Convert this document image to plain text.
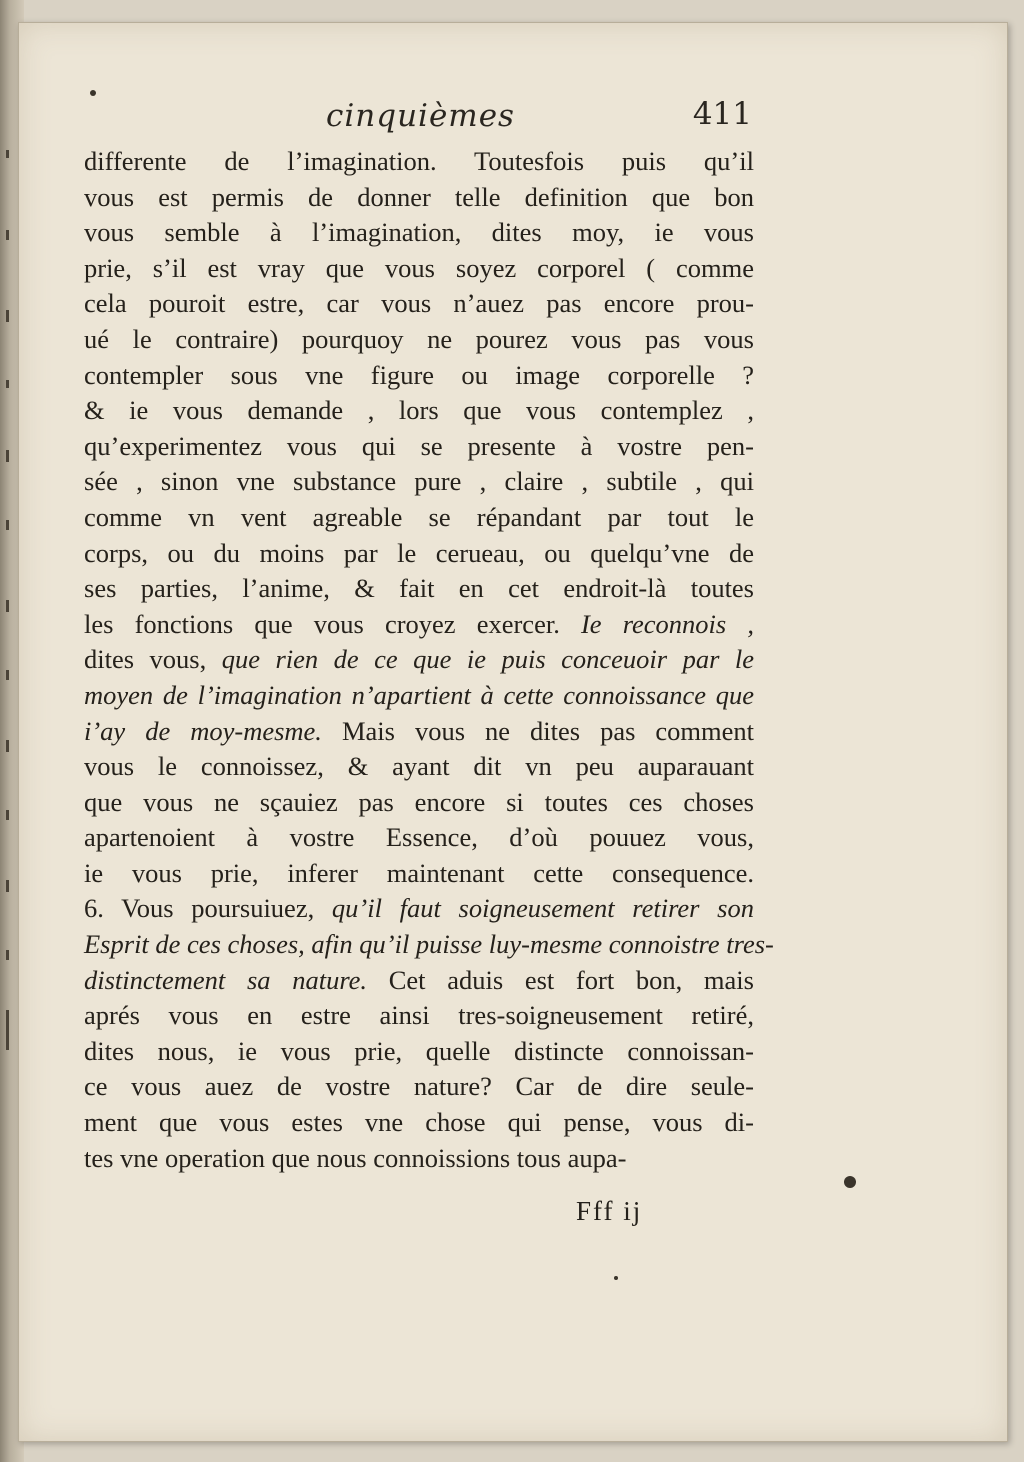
cinquièmes	411
differente de l’imagination. Toutesfois puis qu’il
vous est permis de donner telle definition que bon
vous semble à l’imagination, dites moy, ie vous
prie, s’il est vray que vous soyez corporel ( comme
cela pouroit estre, car vous n’auez pas encore prou-
ué le contraire) pourquoy ne pourez vous pas vous
contempler sous vne figure ou image corporelle ?
& ie vous demande , lors que vous contemplez ,
qu’experimentez vous qui se presente à vostre pen-
sée , sinon vne substance pure , claire , subtile , qui
comme vn vent agreable se répandant par tout le
corps, ou du moins par le cerueau, ou quelqu’vne de
ses parties, l’anime, & fait en cet endroit-là toutes
les fonctions que vous croyez exercer. Ie reconnois ,
dites vous, que rien de ce que ie puis conceuoir par le
moyen de l’imagination n’apartient à cette connoissance que
i’ay de moy-mesme. Mais vous ne dites pas comment
vous le connoissez, & ayant dit vn peu auparauant
que vous ne sçauiez pas encore si toutes ces choses
apartenoient à vostre Essence, d’où pouuez vous,
ie vous prie, inferer maintenant cette consequence.
6. Vous poursuiuez, qu’il faut soigneusement retirer son
Esprit de ces choses, afin qu’il puisse luy-mesme connoistre tres-
distinctement sa nature. Cet aduis est fort bon, mais
aprés vous en estre ainsi tres-soigneusement retiré,
dites nous, ie vous prie, quelle distincte connoissan-
ce vous auez de vostre nature? Car de dire seule-
ment que vous estes vne chose qui pense, vous di-
tes vne operation que nous connoissions tous aupa-
Fff ij
